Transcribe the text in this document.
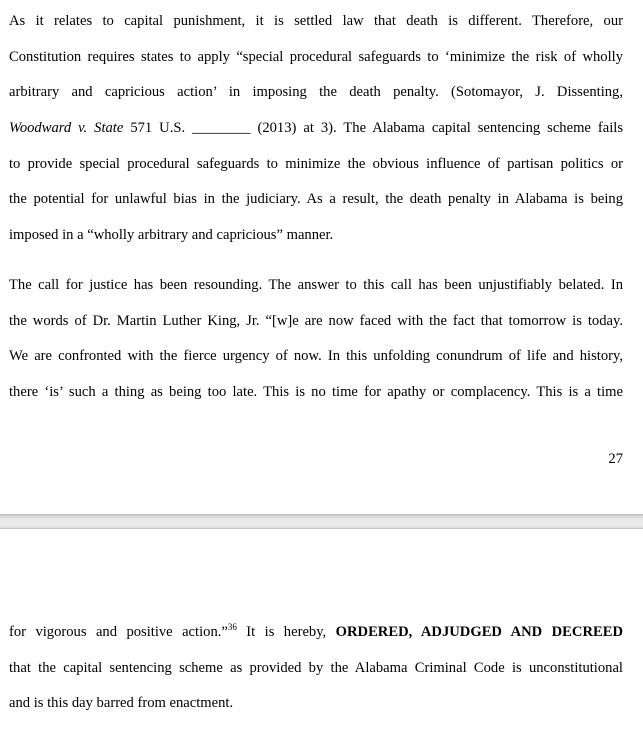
As it relates to capital punishment, it is settled law that death is different. Therefore, our
Constitution requires states to apply “special procedural safeguards to ‘minimize the risk of wholly
arbitrary and capricious action’ in imposing the death penalty. (Sotomayor, J. Dissenting,
Woodward v. State 571 U.S. ________ (2013) at 3). The Alabama capital sentencing scheme fails
to provide special procedural safeguards to minimize the obvious influence of partisan politics or
the potential for unlawful bias in the judiciary. As a result, the death penalty in Alabama is being
imposed in a “wholly arbitrary and capricious” manner.
The call for justice has been resounding. The answer to this call has been unjustifiably belated. In
the words of Dr. Martin Luther King, Jr. “[w]e are now faced with the fact that tomorrow is today.
We are confronted with the fierce urgency of now. In this unfolding conundrum of life and history,
there ‘is’ such a thing as being too late. This is no time for apathy or complacency. This is a time
27
for vigorous and positive action.”$^{36}$ It is hereby, ORDERED, ADJUDGED AND DECREED
that the capital sentencing scheme as provided by the Alabama Criminal Code is unconstitutional
and is this day barred from enactment.
